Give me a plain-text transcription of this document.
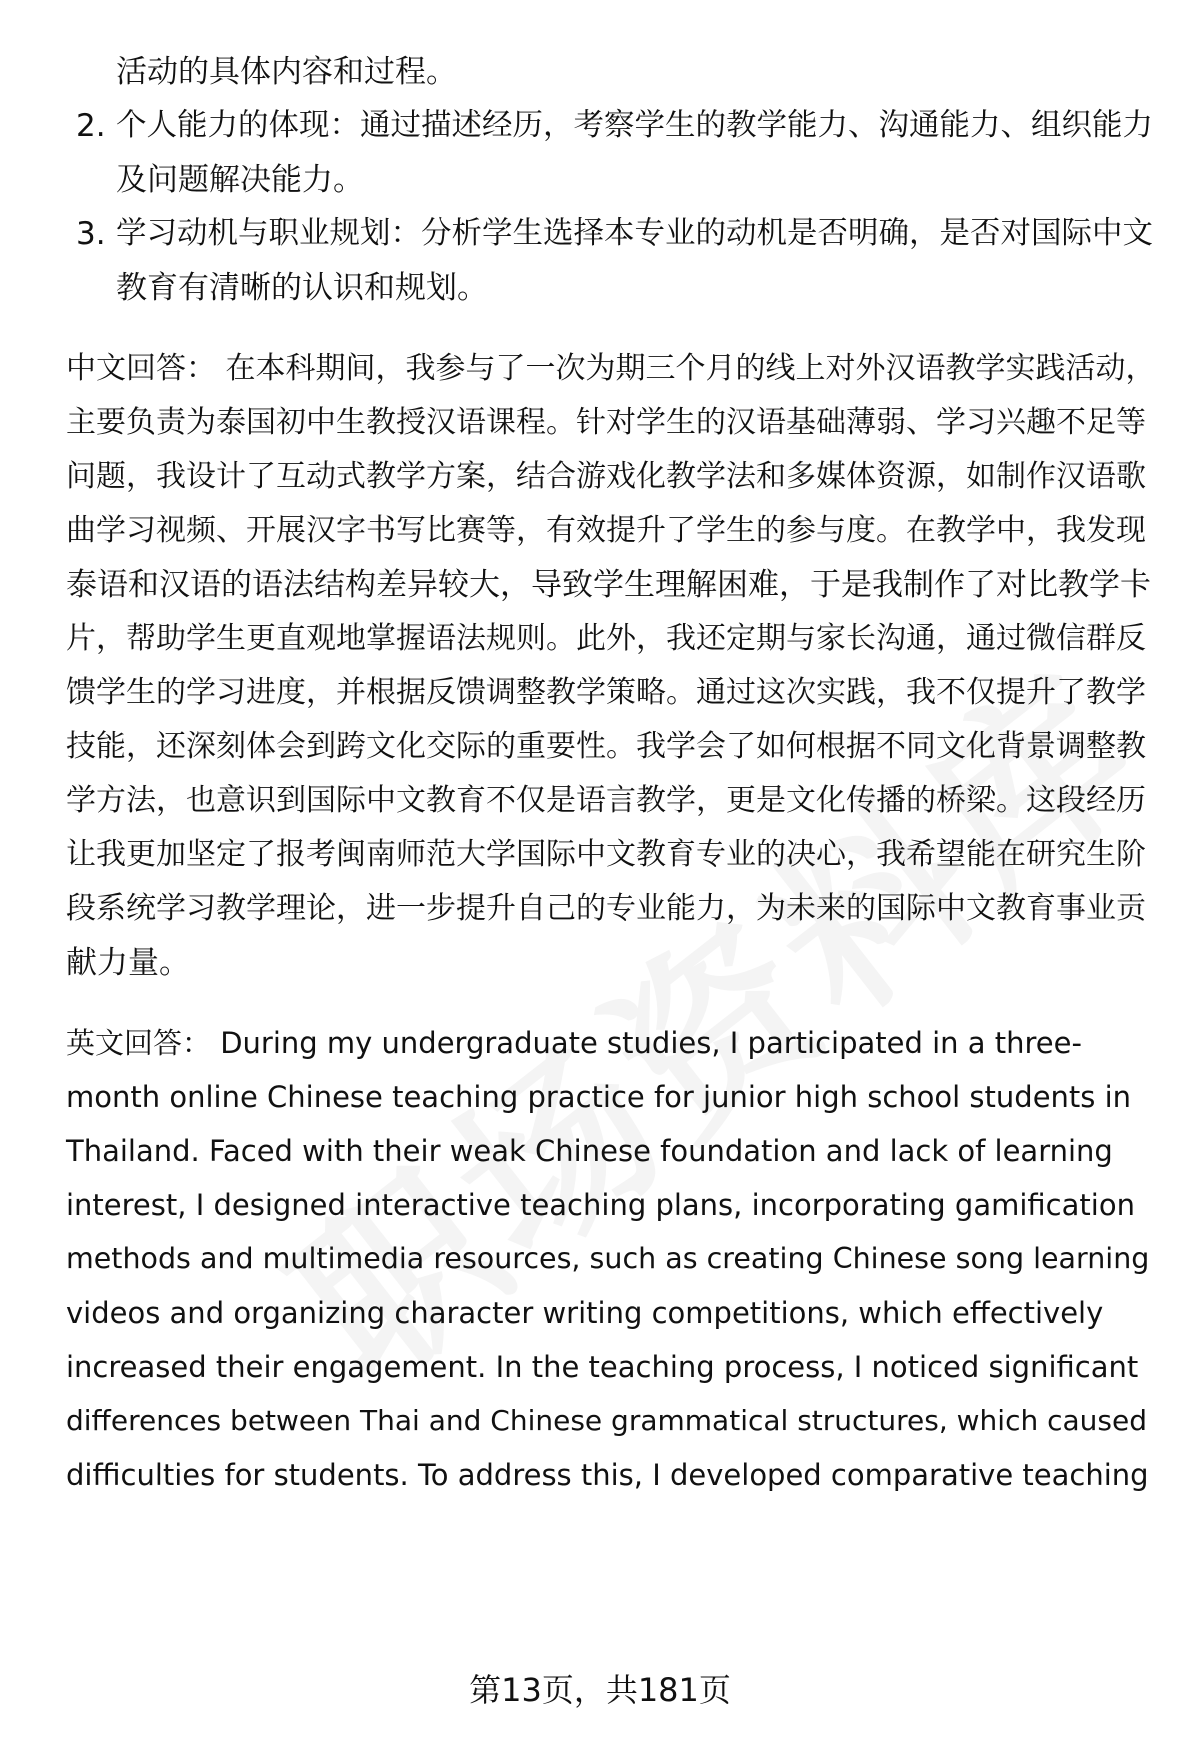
活动的具体内容和过程。
2. 个人能力的体现：通过描述经历，考察学生的教学能力、沟通能力、组织能力
及问题解决能力。
3. 学习动机与职业规划：分析学生选择本专业的动机是否明确，是否对国际中文
教育有清晰的认识和规划。
中文回答： 在本科期间，我参与了一次为期三个月的线上对外汉语教学实践活动，
主要负责为泰国初中生教授汉语课程。针对学生的汉语基础薄弱、学习兴趣不足等
问题，我设计了互动式教学方案，结合游戏化教学法和多媒体资源，如制作汉语歌
曲学习视频、开展汉字书写比赛等，有效提升了学生的参与度。在教学中，我发现
泰语和汉语的语法结构差异较大，导致学生理解困难，于是我制作了对比教学卡
片，帮助学生更直观地掌握语法规则。此外，我还定期与家长沟通，通过微信群反
馈学生的学习进度，并根据反馈调整教学策略。通过这次实践，我不仅提升了教学
技能，还深刻体会到跨文化交际的重要性。我学会了如何根据不同文化背景调整教
学方法，也意识到国际中文教育不仅是语言教学，更是文化传播的桥梁。这段经历
让我更加坚定了报考闽南师范大学国际中文教育专业的决心，我希望能在研究生阶
段系统学习教学理论，进一步提升自己的专业能力，为未来的国际中文教育事业贡
献力量。
英文回答： During my undergraduate studies, I participated in a three-
month online Chinese teaching practice for junior high school students in
Thailand. Faced with their weak Chinese foundation and lack of learning
interest, I designed interactive teaching plans, incorporating gamification
methods and multimedia resources, such as creating Chinese song learning
videos and organizing character writing competitions, which effectively
increased their engagement. In the teaching process, I noticed significant
differences between Thai and Chinese grammatical structures, which caused
difficulties for students. To address this, I developed comparative teaching
第13页，共181页
